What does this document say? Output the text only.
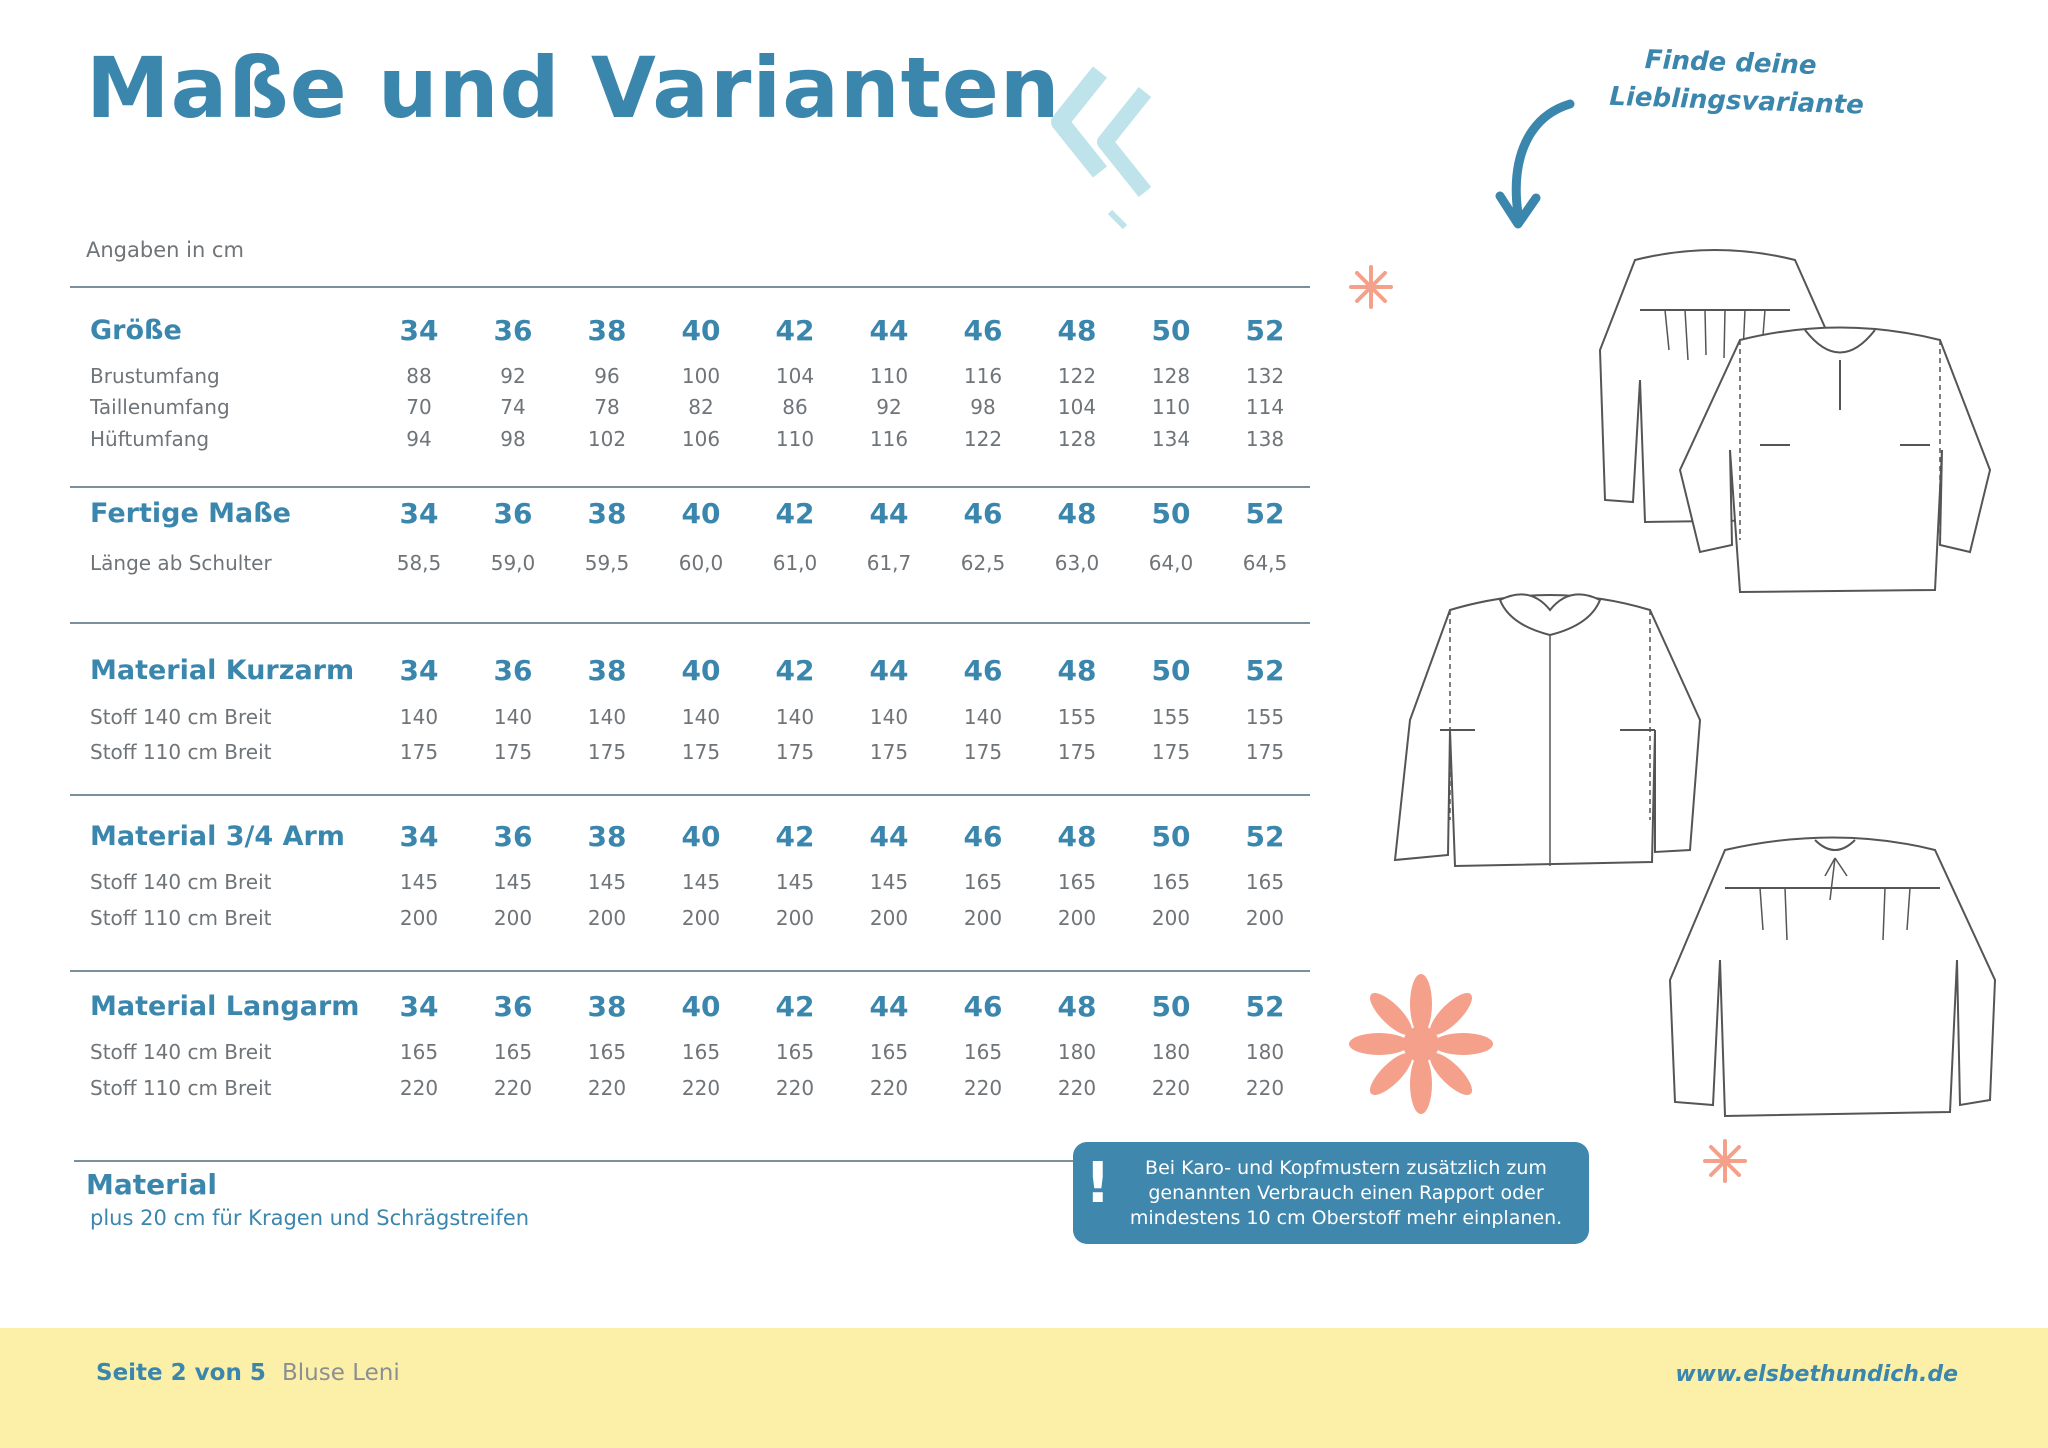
Maße und Varianten
Angaben in cm
Größe	34	36	38	40	42	44	46	48	50	52
Brustumfang	88	92	96	100	104	110	116	122	128	132
Taillenumfang	70	74	78	82	86	92	98	104	110	114
Hüftumfang	94	98	102	106	110	116	122	128	134	138

Fertige Maße	34	36	38	40	42	44	46	48	50	52
Länge ab Schulter	58,5	59,0	59,5	60,0	61,0	61,7	62,5	63,0	64,0	64,5

Material Kurzarm	34	36	38	40	42	44	46	48	50	52
Stoff 140 cm Breit	140	140	140	140	140	140	140	155	155	155
Stoff 110 cm Breit	175	175	175	175	175	175	175	175	175	175

Material 3/4 Arm	34	36	38	40	42	44	46	48	50	52
Stoff 140 cm Breit	145	145	145	145	145	145	165	165	165	165
Stoff 110 cm Breit	200	200	200	200	200	200	200	200	200	200

Material Langarm	34	36	38	40	42	44	46	48	50	52
Stoff 140 cm Breit	165	165	165	165	165	165	165	180	180	180
Stoff 110 cm Breit	220	220	220	220	220	220	220	220	220	220
Material
plus 20 cm für Kragen und Schrägstreifen
! Bei Karo- und Kopfmustern zusätzlich zum genannten Verbrauch einen Rapport oder mindestens 10 cm Oberstoff mehr einplanen.
Finde deine
Lieblingsvariante
Seite 2 von 5 Bluse Leni	www.elsbethundich.de
